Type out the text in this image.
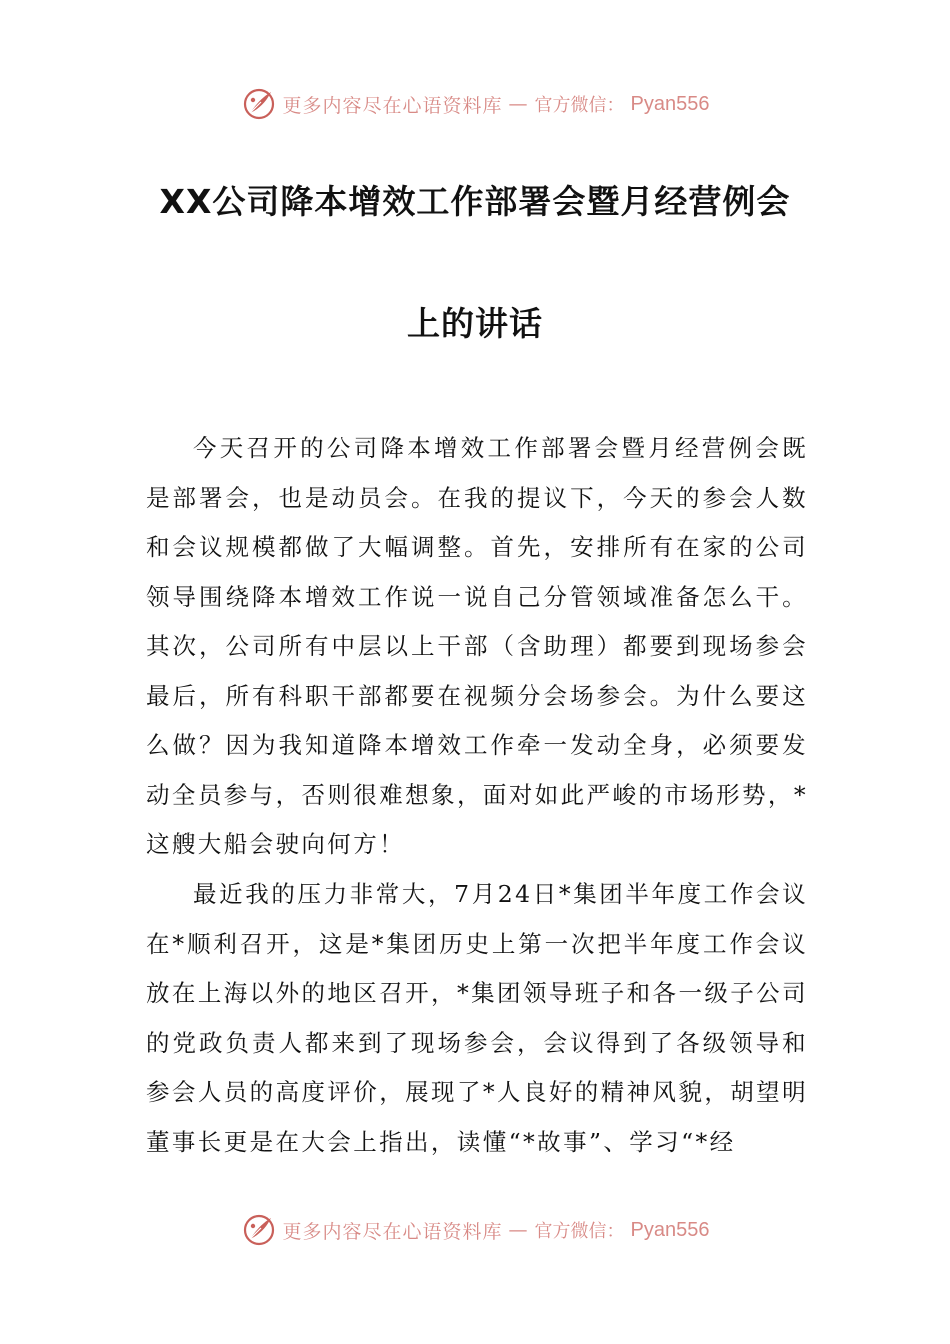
更多内容尽在心语资料库 — 官方微信： Pyan556
XX公司降本增效工作部署会暨月经营例会
上的讲话

今天召开的公司降本增效工作部署会暨月经营例会既是部署会，也是动员会。在我的提议下，今天的参会人数和会议规模都做了大幅调整。首先，安排所有在家的公司领导围绕降本增效工作说一说自己分管领域准备怎么干。其次，公司所有中层以上干部（含助理）都要到现场参会最后，所有科职干部都要在视频分会场参会。为什么要这么做？因为我知道降本增效工作牵一发动全身，必须要发动全员参与，否则很难想象，面对如此严峻的市场形势，*这艘大船会驶向何方！

最近我的压力非常大，7月24日*集团半年度工作会议在*顺利召开，这是*集团历史上第一次把半年度工作会议放在上海以外的地区召开，*集团领导班子和各一级子公司的党政负责人都来到了现场参会，会议得到了各级领导和参会人员的高度评价，展现了*人良好的精神风貌，胡望明董事长更是在大会上指出，读懂“*故事”、学习“*经

更多内容尽在心语资料库 — 官方微信： Pyan556
